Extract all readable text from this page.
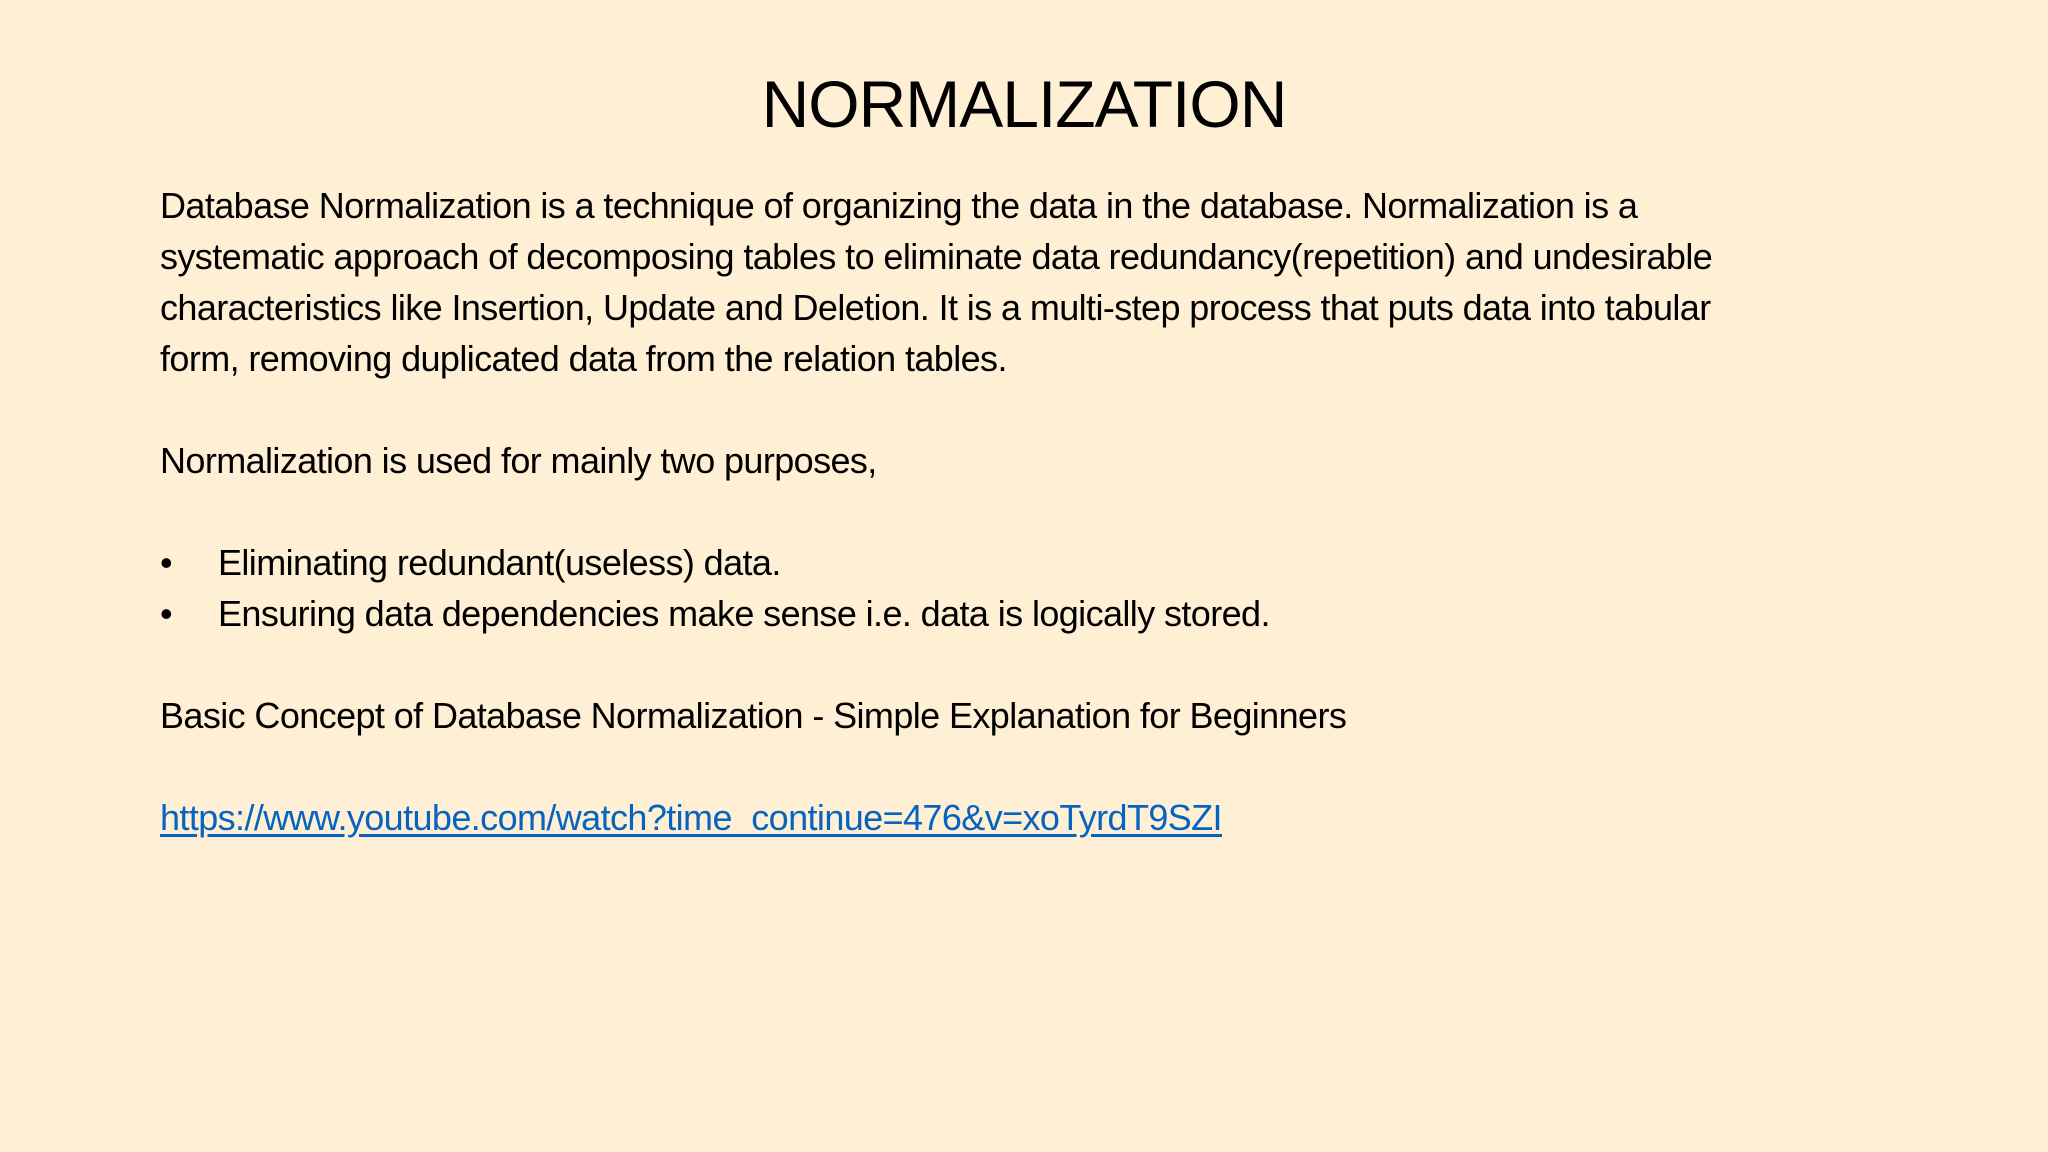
NORMALIZATION
Database Normalization is a technique of organizing the data in the database. Normalization is a
systematic approach of decomposing tables to eliminate data redundancy(repetition) and undesirable
characteristics like Insertion, Update and Deletion. It is a multi-step process that puts data into tabular
form, removing duplicated data from the relation tables.
Normalization is used for mainly two purposes,
• Eliminating redundant(useless) data.
• Ensuring data dependencies make sense i.e. data is logically stored.
Basic Concept of Database Normalization - Simple Explanation for Beginners
https://www.youtube.com/watch?time_continue=476&v=xoTyrdT9SZI
